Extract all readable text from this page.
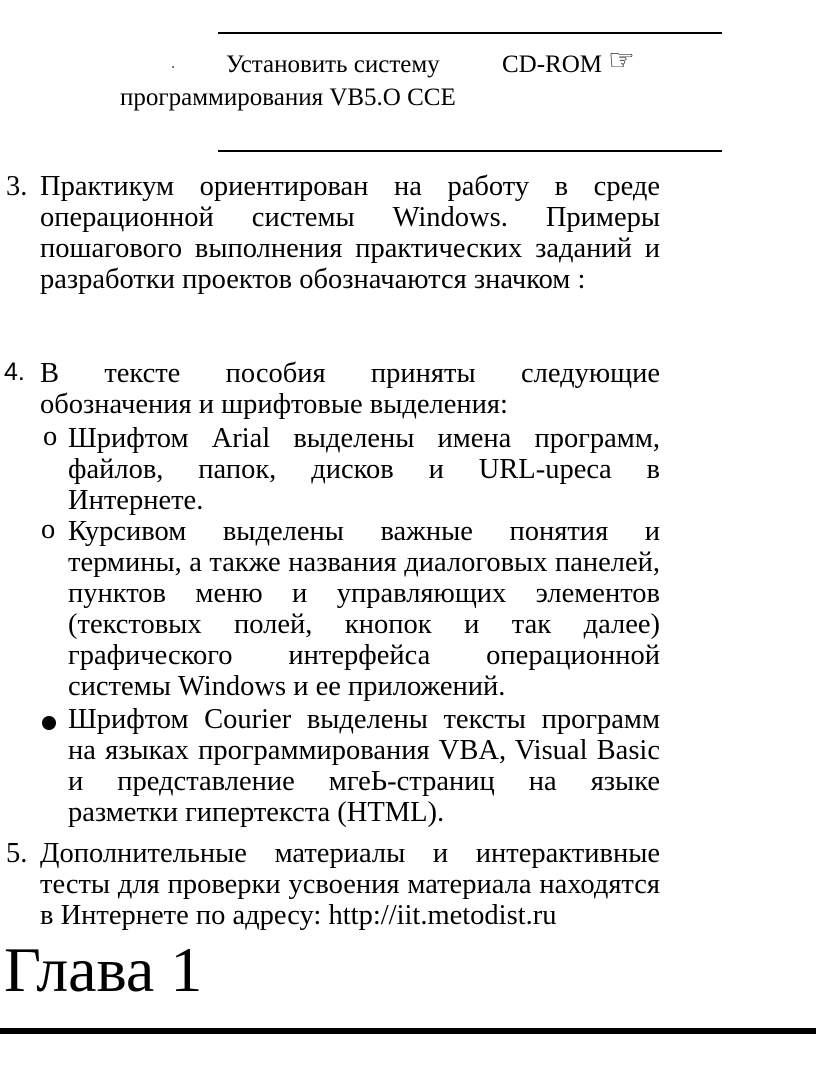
Установить систему CD-ROM ☞
программирования VB5.О ССЕ
3. Практикум ориентирован на работу в среде операционной системы Windows. Примеры пошагового выполнения практических заданий и разработки проектов обозначаются значком :
4. В тексте пособия приняты следующие обозначения и шрифтовые выделения:
о Шрифтом Arial выделены имена программ, файлов, папок, дисков и URL-upeca в Интернете.
о Курсивом выделены важные понятия и термины, а также названия диалоговых панелей, пунктов меню и управляющих элементов (текстовых полей, кнопок и так далее) графического интерфейса операционной системы Windows и ее приложений.
Шрифтом Courier выделены тексты программ на языках программирования VBA, Visual Basic и представление мгеЬ-страниц на языке разметки гипертекста (HTML).
5. Дополнительные материалы и интерактивные тесты для проверки усвоения материала находятся в Интернете по адресу: http://iit.metodist.ru
Глава 1
